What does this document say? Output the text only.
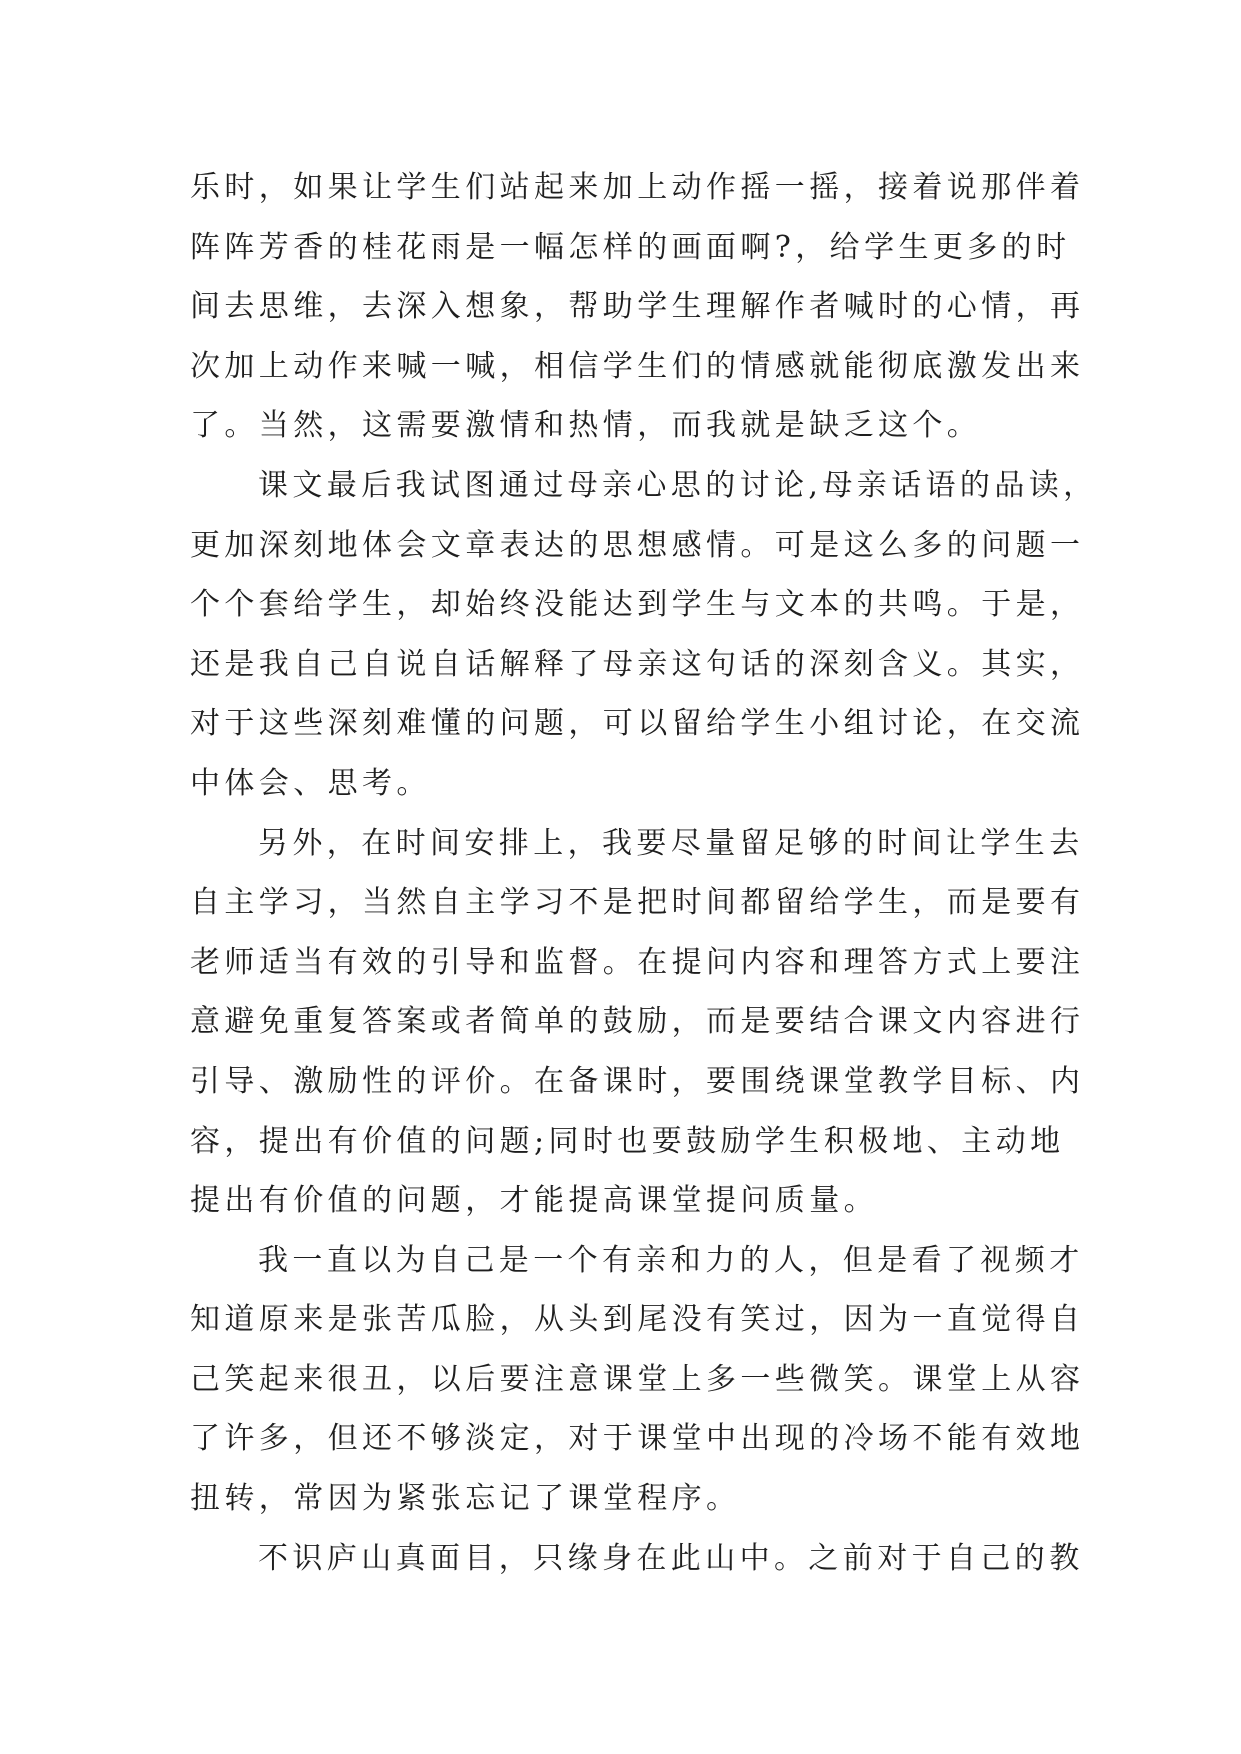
乐时，如果让学生们站起来加上动作摇一摇，接着说那伴着
阵阵芳香的桂花雨是一幅怎样的画面啊?，给学生更多的时
间去思维，去深入想象，帮助学生理解作者喊时的心情，再
次加上动作来喊一喊，相信学生们的情感就能彻底激发出来
了。当然，这需要激情和热情，而我就是缺乏这个。
课文最后我试图通过母亲心思的讨论,母亲话语的品读，
更加深刻地体会文章表达的思想感情。可是这么多的问题一
个个套给学生，却始终没能达到学生与文本的共鸣。于是，
还是我自己自说自话解释了母亲这句话的深刻含义。其实，
对于这些深刻难懂的问题，可以留给学生小组讨论，在交流
中体会、思考。
另外，在时间安排上，我要尽量留足够的时间让学生去
自主学习，当然自主学习不是把时间都留给学生，而是要有
老师适当有效的引导和监督。在提问内容和理答方式上要注
意避免重复答案或者简单的鼓励，而是要结合课文内容进行
引导、激励性的评价。在备课时，要围绕课堂教学目标、内
容，提出有价值的问题;同时也要鼓励学生积极地、主动地
提出有价值的问题，才能提高课堂提问质量。
我一直以为自己是一个有亲和力的人，但是看了视频才
知道原来是张苦瓜脸，从头到尾没有笑过，因为一直觉得自
己笑起来很丑，以后要注意课堂上多一些微笑。课堂上从容
了许多，但还不够淡定，对于课堂中出现的冷场不能有效地
扭转，常因为紧张忘记了课堂程序。
不识庐山真面目，只缘身在此山中。之前对于自己的教
